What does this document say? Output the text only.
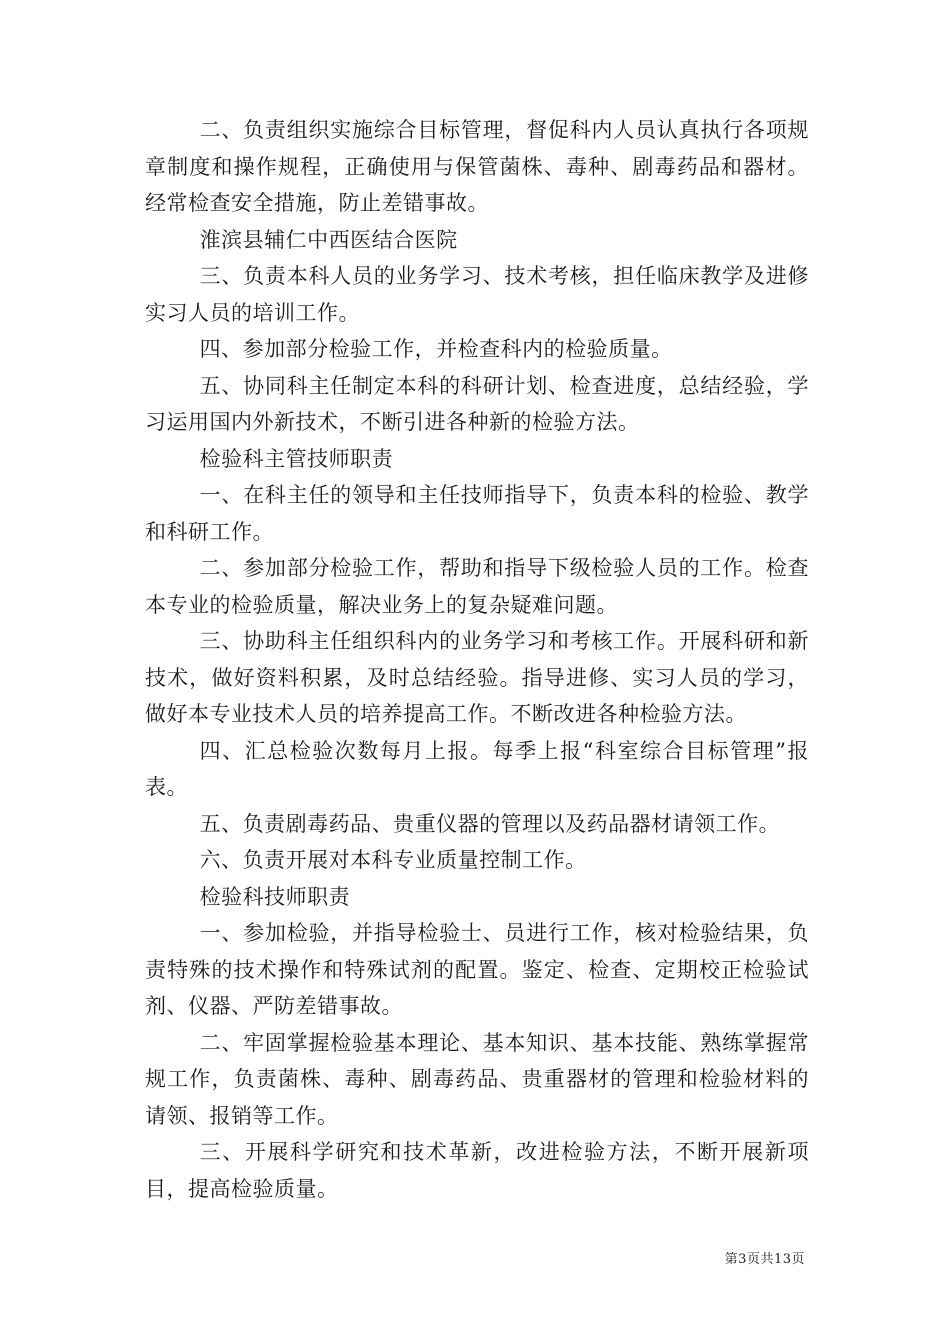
二、负责组织实施综合目标管理，督促科内人员认真执行各项规章制度和操作规程，正确使用与保管菌株、毒种、剧毒药品和器材。经常检查安全措施，防止差错事故。

淮滨县辅仁中西医结合医院

三、负责本科人员的业务学习、技术考核，担任临床教学及进修实习人员的培训工作。

四、参加部分检验工作，并检查科内的检验质量。

五、协同科主任制定本科的科研计划、检查进度，总结经验，学习运用国内外新技术，不断引进各种新的检验方法。

检验科主管技师职责

一、在科主任的领导和主任技师指导下，负责本科的检验、教学和科研工作。

二、参加部分检验工作，帮助和指导下级检验人员的工作。检查本专业的检验质量，解决业务上的复杂疑难问题。

三、协助科主任组织科内的业务学习和考核工作。开展科研和新技术，做好资料积累，及时总结经验。指导进修、实习人员的学习，做好本专业技术人员的培养提高工作。不断改进各种检验方法。

四、汇总检验次数每月上报。每季上报“科室综合目标管理”报表。

五、负责剧毒药品、贵重仪器的管理以及药品器材请领工作。

六、负责开展对本科专业质量控制工作。

检验科技师职责

一、参加检验，并指导检验士、员进行工作，核对检验结果，负责特殊的技术操作和特殊试剂的配置。鉴定、检查、定期校正检验试剂、仪器、严防差错事故。

二、牢固掌握检验基本理论、基本知识、基本技能、熟练掌握常规工作，负责菌株、毒种、剧毒药品、贵重器材的管理和检验材料的请领、报销等工作。

三、开展科学研究和技术革新，改进检验方法，不断开展新项目，提高检验质量。

第3页共13页
